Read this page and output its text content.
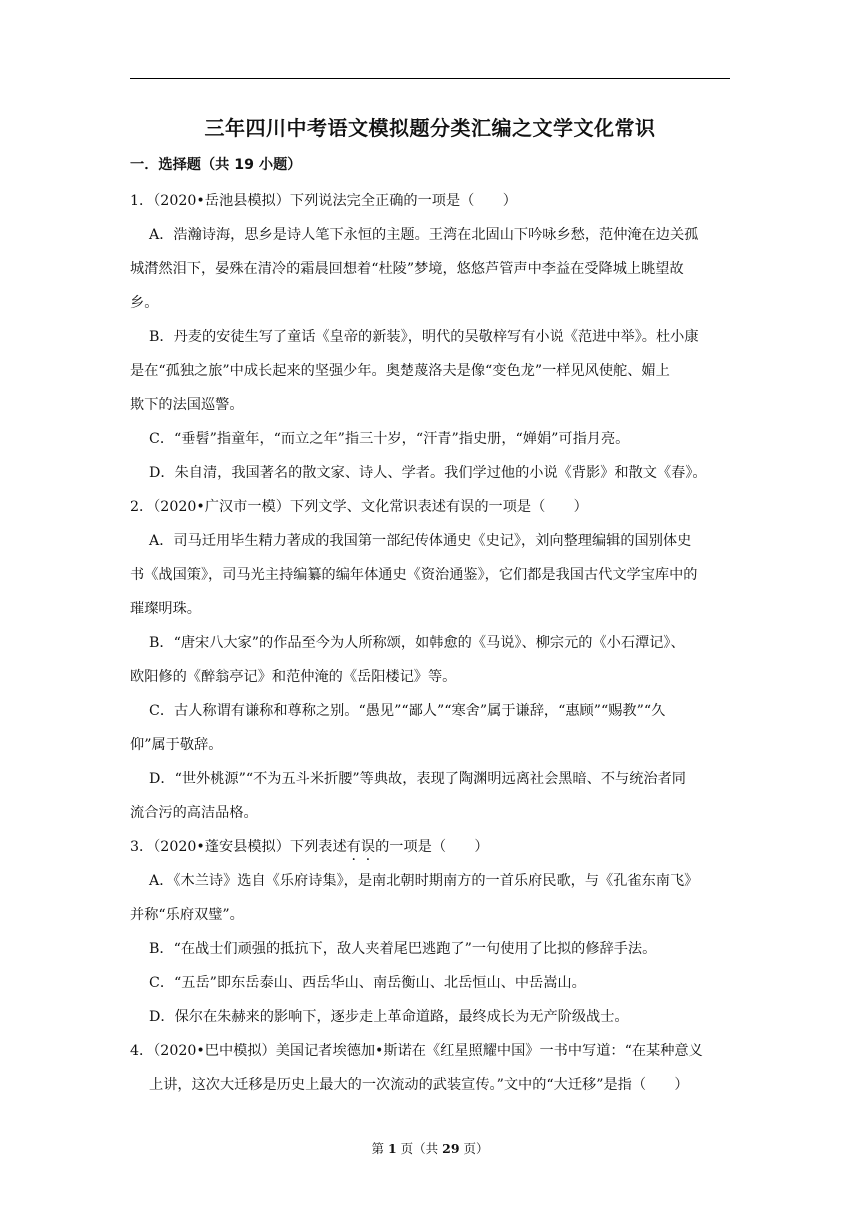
三年四川中考语文模拟题分类汇编之文学文化常识
一．选择题（共 19 小题）
1．（2020•岳池县模拟）下列说法完全正确的一项是（　　）
A．浩瀚诗海，思乡是诗人笔下永恒的主题。王湾在北固山下吟咏乡愁，范仲淹在边关孤
城潸然泪下，晏殊在清冷的霜晨回想着“杜陵”梦境，悠悠芦管声中李益在受降城上眺望故
乡。
B．丹麦的安徒生写了童话《皇帝的新装》，明代的吴敬梓写有小说《范进中举》。杜小康
是在“孤独之旅”中成长起来的坚强少年。奥楚蔑洛夫是像“变色龙”一样见风使舵、媚上
欺下的法国巡警。
C．“垂髫”指童年，“而立之年”指三十岁，“汗青”指史册，“婵娟”可指月亮。
D．朱自清，我国著名的散文家、诗人、学者。我们学过他的小说《背影》和散文《春》。
2．（2020•广汉市一模）下列文学、文化常识表述有误的一项是（　　）
A．司马迁用毕生精力著成的我国第一部纪传体通史《史记》，刘向整理编辑的国别体史
书《战国策》，司马光主持编纂的编年体通史《资治通鉴》，它们都是我国古代文学宝库中的
璀璨明珠。
B．“唐宋八大家”的作品至今为人所称颂，如韩愈的《马说》、柳宗元的《小石潭记》、
欧阳修的《醉翁亭记》和范仲淹的《岳阳楼记》等。
C．古人称谓有谦称和尊称之别。“愚见”“鄙人”“寒舍”属于谦辞，“惠顾”“赐教”“久
仰”属于敬辞。
D．“世外桃源”“不为五斗米折腰”等典故，表现了陶渊明远离社会黑暗、不与统治者同
流合污的高洁品格。
3．（2020•蓬安县模拟）下列表述有误的一项是（　　）
A．《木兰诗》选自《乐府诗集》，是南北朝时期南方的一首乐府民歌，与《孔雀东南飞》
并称“乐府双璧”。
B．“在战士们顽强的抵抗下，敌人夹着尾巴逃跑了”一句使用了比拟的修辞手法。
C．“五岳”即东岳泰山、西岳华山、南岳衡山、北岳恒山、中岳嵩山。
D．保尔在朱赫来的影响下，逐步走上革命道路，最终成长为无产阶级战士。
4．（2020•巴中模拟）美国记者埃德加•斯诺在《红星照耀中国》一书中写道：“在某种意义
上讲，这次大迁移是历史上最大的一次流动的武装宣传。”文中的“大迁移”是指（　　）
第 1 页（共 29 页）
